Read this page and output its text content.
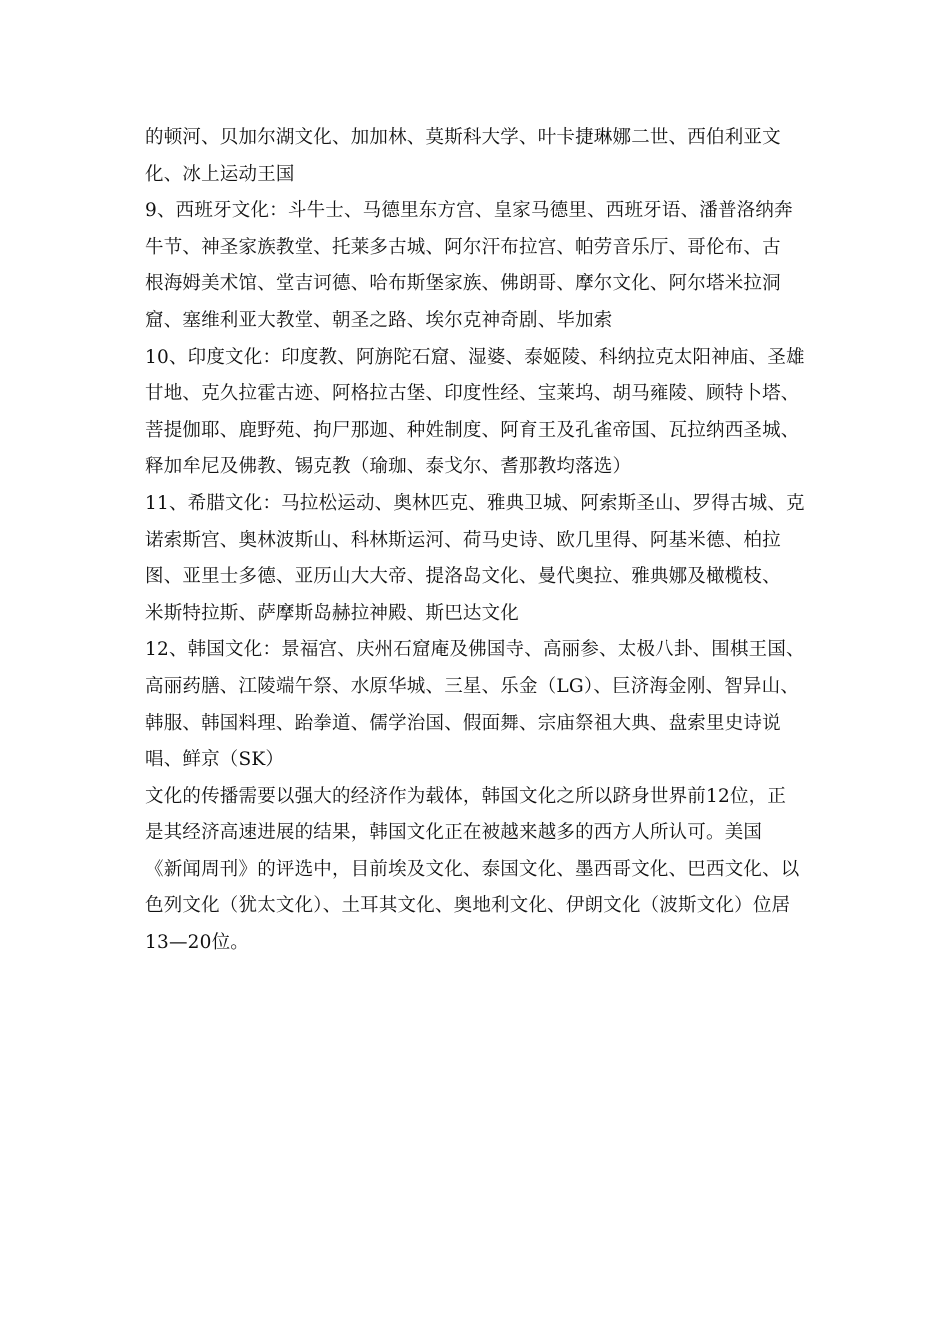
的顿河、贝加尔湖文化、加加林、莫斯科大学、叶卡捷琳娜二世、西伯利亚文
化、冰上运动王国
9、西班牙文化：斗牛士、马德里东方宫、皇家马德里、西班牙语、潘普洛纳奔
牛节、神圣家族教堂、托莱多古城、阿尔汗布拉宫、帕劳音乐厅、哥伦布、古
根海姆美术馆、堂吉诃德、哈布斯堡家族、佛朗哥、摩尔文化、阿尔塔米拉洞
窟、塞维利亚大教堂、朝圣之路、埃尔克神奇剧、毕加索
10、印度文化：印度教、阿旃陀石窟、湿婆、泰姬陵、科纳拉克太阳神庙、圣雄
甘地、克久拉霍古迹、阿格拉古堡、印度性经、宝莱坞、胡马雍陵、顾特卜塔、
菩提伽耶、鹿野苑、拘尸那迦、种姓制度、阿育王及孔雀帝国、瓦拉纳西圣城、
释加牟尼及佛教、锡克教（瑜珈、泰戈尔、耆那教均落选）
11、希腊文化：马拉松运动、奥林匹克、雅典卫城、阿索斯圣山、罗得古城、克
诺索斯宫、奥林波斯山、科林斯运河、荷马史诗、欧几里得、阿基米德、柏拉
图、亚里士多德、亚历山大大帝、提洛岛文化、曼代奥拉、雅典娜及橄榄枝、
米斯特拉斯、萨摩斯岛赫拉神殿、斯巴达文化
12、韩国文化：景福宫、庆州石窟庵及佛国寺、高丽参、太极八卦、围棋王国、
高丽药膳、江陵端午祭、水原华城、三星、乐金（LG）、巨济海金刚、智异山、
韩服、韩国料理、跆拳道、儒学治国、假面舞、宗庙祭祖大典、盘索里史诗说
唱、鲜京（SK）
文化的传播需要以强大的经济作为载体，韩国文化之所以跻身世界前12位，正
是其经济高速进展的结果，韩国文化正在被越来越多的西方人所认可。美国
《新闻周刊》的评选中，目前埃及文化、泰国文化、墨西哥文化、巴西文化、以
色列文化（犹太文化）、土耳其文化、奥地利文化、伊朗文化（波斯文化）位居
13—20位。
